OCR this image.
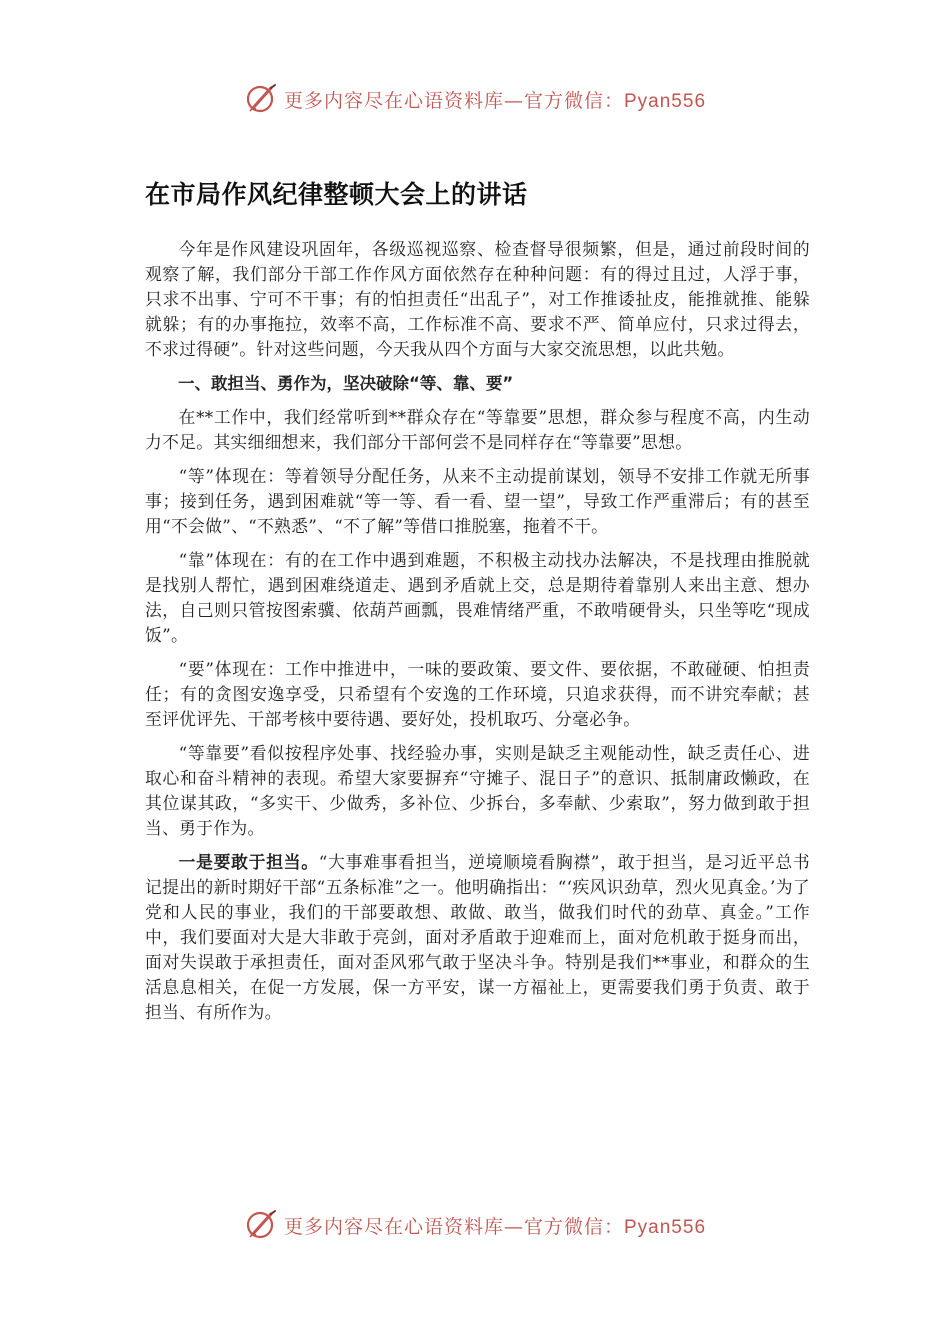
更多内容尽在心语资料库—官方微信：Pyan556
在市局作风纪律整顿大会上的讲话

今年是作风建设巩固年，各级巡视巡察、检查督导很频繁，但是，通过前段时间的观察了解，我们部分干部工作作风方面依然存在种种问题：有的得过且过，人浮于事，只求不出事、宁可不干事；有的怕担责任“出乱子”，对工作推诿扯皮，能推就推、能躲就躲；有的办事拖拉，效率不高，工作标准不高、要求不严、简单应付，只求过得去，不求过得硬”。针对这些问题，今天我从四个方面与大家交流思想，以此共勉。

一、敢担当、勇作为，坚决破除“等、靠、要”

在**工作中，我们经常听到**群众存在“等靠要”思想，群众参与程度不高，内生动力不足。其实细细想来，我们部分干部何尝不是同样存在“等靠要”思想。

“等”体现在：等着领导分配任务，从来不主动提前谋划，领导不安排工作就无所事事；接到任务，遇到困难就“等一等、看一看、望一望”，导致工作严重滞后；有的甚至用“不会做”、“不熟悉”、“不了解”等借口推脱塞，拖着不干。

“靠”体现在：有的在工作中遇到难题，不积极主动找办法解决，不是找理由推脱就是找别人帮忙，遇到困难绕道走、遇到矛盾就上交，总是期待着靠别人来出主意、想办法，自己则只管按图索骥、依葫芦画瓢，畏难情绪严重，不敢啃硬骨头，只坐等吃“现成饭”。

“要”体现在：工作中推进中，一味的要政策、要文件、要依据，不敢碰硬、怕担责任；有的贪图安逸享受，只希望有个安逸的工作环境，只追求获得，而不讲究奉献；甚至评优评先、干部考核中要待遇、要好处，投机取巧、分毫必争。

“等靠要”看似按程序处事、找经验办事，实则是缺乏主观能动性，缺乏责任心、进取心和奋斗精神的表现。希望大家要摒弃“守摊子、混日子”的意识、抵制庸政懒政，在其位谋其政，“多实干、少做秀，多补位、少拆台，多奉献、少索取”，努力做到敢于担当、勇于作为。

一是要敢于担当。“大事难事看担当，逆境顺境看胸襟”，敢于担当，是习近平总书记提出的新时期好干部“五条标准”之一。他明确指出：“‘疾风识劲草，烈火见真金。’为了党和人民的事业，我们的干部要敢想、敢做、敢当，做我们时代的劲草、真金。”工作中，我们要面对大是大非敢于亮剑，面对矛盾敢于迎难而上，面对危机敢于挺身而出，面对失误敢于承担责任，面对歪风邪气敢于坚决斗争。特别是我们**事业，和群众的生活息息相关，在促一方发展，保一方平安，谋一方福祉上，更需要我们勇于负责、敢于担当、有所作为。

更多内容尽在心语资料库—官方微信：Pyan556
